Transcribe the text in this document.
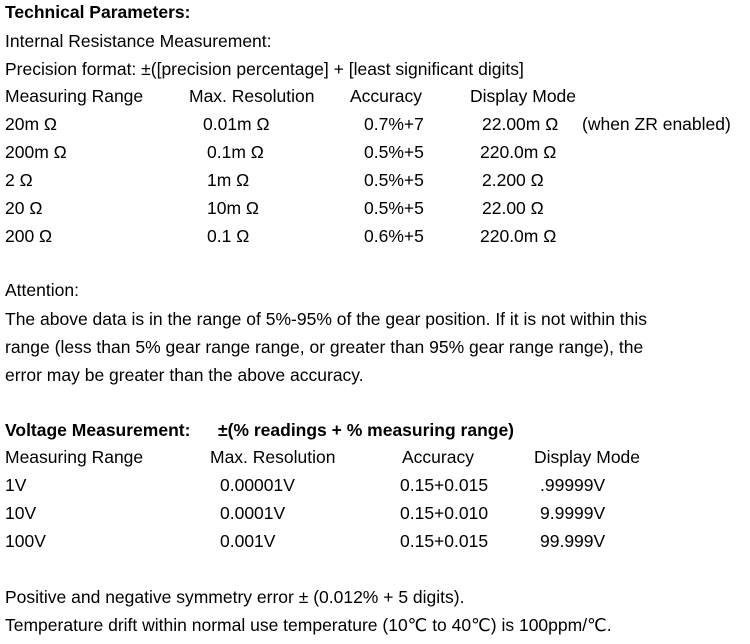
Technical Parameters:
Internal Resistance Measurement:
Precision format: ±([precision percentage] + [least significant digits]
Measuring Range	Max. Resolution Accuracy	Display Mode
20m Ω	0.01m Ω	0.7%+7	22.00m Ω (when ZR enabled)
200m Ω	0.1m Ω	0.5%+5	220.0m Ω
2 Ω	1m Ω	0.5%+5	2.200 Ω
20 Ω	10m Ω	0.5%+5	22.00 Ω
200 Ω	0.1 Ω	0.6%+5	220.0m Ω
Attention:
The above data is in the range of 5%-95% of the gear position. If it is not within this
range (less than 5% gear range range, or greater than 95% gear range range), the
error may be greater than the above accuracy.
Voltage Measurement: ±(% readings + % measuring range)
Measuring Range	Max. Resolution	Accuracy	Display Mode
1V	0.00001V	0.15+0.015	.99999V
10V	0.0001V	0.15+0.010	9.9999V
100V	0.001V	0.15+0.015	99.999V
Positive and negative symmetry error ± (0.012% + 5 digits).
Temperature drift within normal use temperature (10℃ to 40℃) is 100ppm/℃.
